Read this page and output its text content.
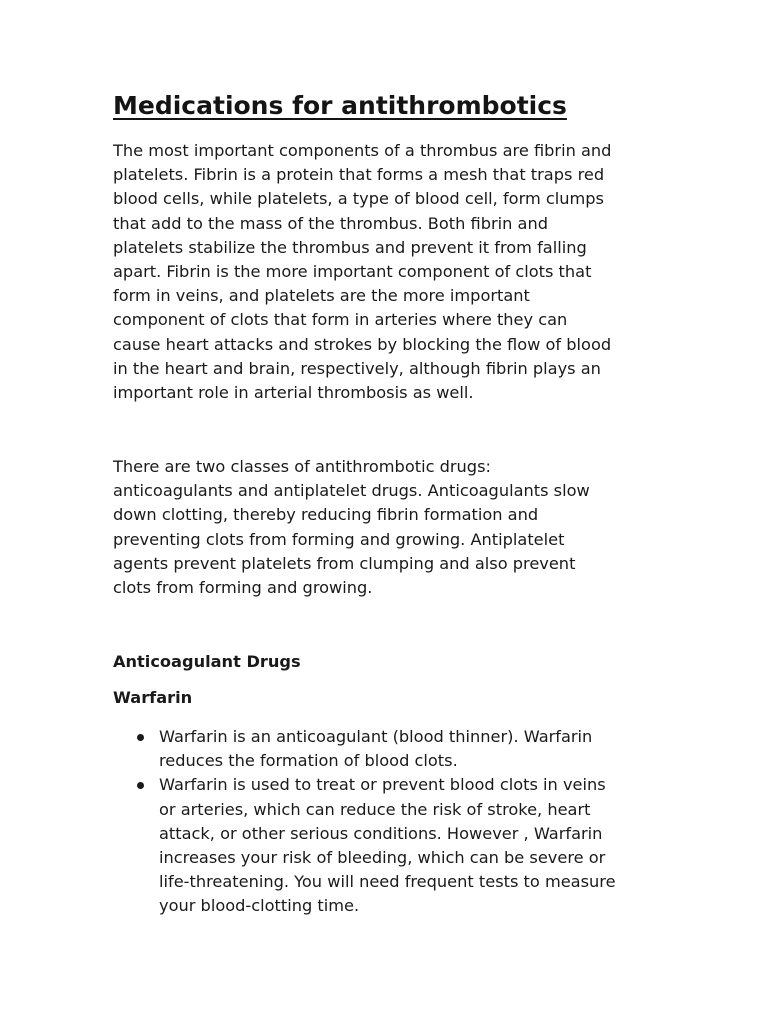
Medications for antithrombotics

The most important components of a thrombus are fibrin and
platelets. Fibrin is a protein that forms a mesh that traps red
blood cells, while platelets, a type of blood cell, form clumps
that add to the mass of the thrombus. Both fibrin and
platelets stabilize the thrombus and prevent it from falling
apart. Fibrin is the more important component of clots that
form in veins, and platelets are the more important
component of clots that form in arteries where they can
cause heart attacks and strokes by blocking the flow of blood
in the heart and brain, respectively, although fibrin plays an
important role in arterial thrombosis as well.

There are two classes of antithrombotic drugs:
anticoagulants and antiplatelet drugs. Anticoagulants slow
down clotting, thereby reducing fibrin formation and
preventing clots from forming and growing. Antiplatelet
agents prevent platelets from clumping and also prevent
clots from forming and growing.

Anticoagulant Drugs
Warfarin
Warfarin is an anticoagulant (blood thinner). Warfarin
reduces the formation of blood clots.
Warfarin is used to treat or prevent blood clots in veins
or arteries, which can reduce the risk of stroke, heart
attack, or other serious conditions. However , Warfarin
increases your risk of bleeding, which can be severe or
life-threatening. You will need frequent tests to measure
your blood-clotting time.
